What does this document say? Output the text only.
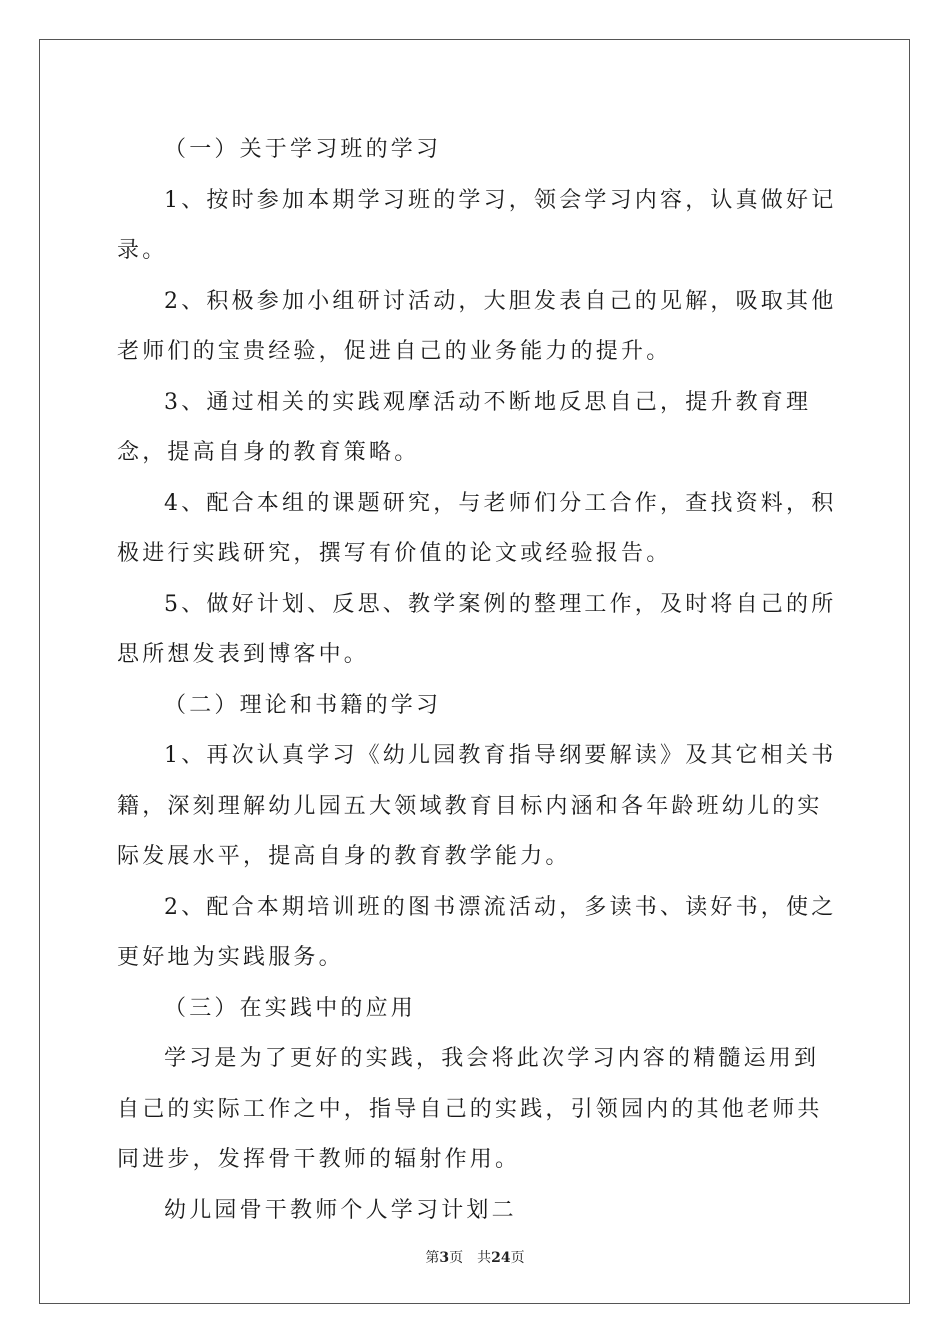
（一）关于学习班的学习

1、按时参加本期学习班的学习，领会学习内容，认真做好记录。

2、积极参加小组研讨活动，大胆发表自己的见解，吸取其他老师们的宝贵经验，促进自己的业务能力的提升。

3、通过相关的实践观摩活动不断地反思自己，提升教育理念，提高自身的教育策略。

4、配合本组的课题研究，与老师们分工合作，查找资料，积极进行实践研究，撰写有价值的论文或经验报告。

5、做好计划、反思、教学案例的整理工作，及时将自己的所思所想发表到博客中。

（二）理论和书籍的学习

1、再次认真学习《幼儿园教育指导纲要解读》及其它相关书籍，深刻理解幼儿园五大领域教育目标内涵和各年龄班幼儿的实际发展水平，提高自身的教育教学能力。

2、配合本期培训班的图书漂流活动，多读书、读好书，使之更好地为实践服务。

（三）在实践中的应用

学习是为了更好的实践，我会将此次学习内容的精髓运用到自己的实际工作之中，指导自己的实践，引领园内的其他老师共同进步，发挥骨干教师的辐射作用。

幼儿园骨干教师个人学习计划二

第3页 共24页
